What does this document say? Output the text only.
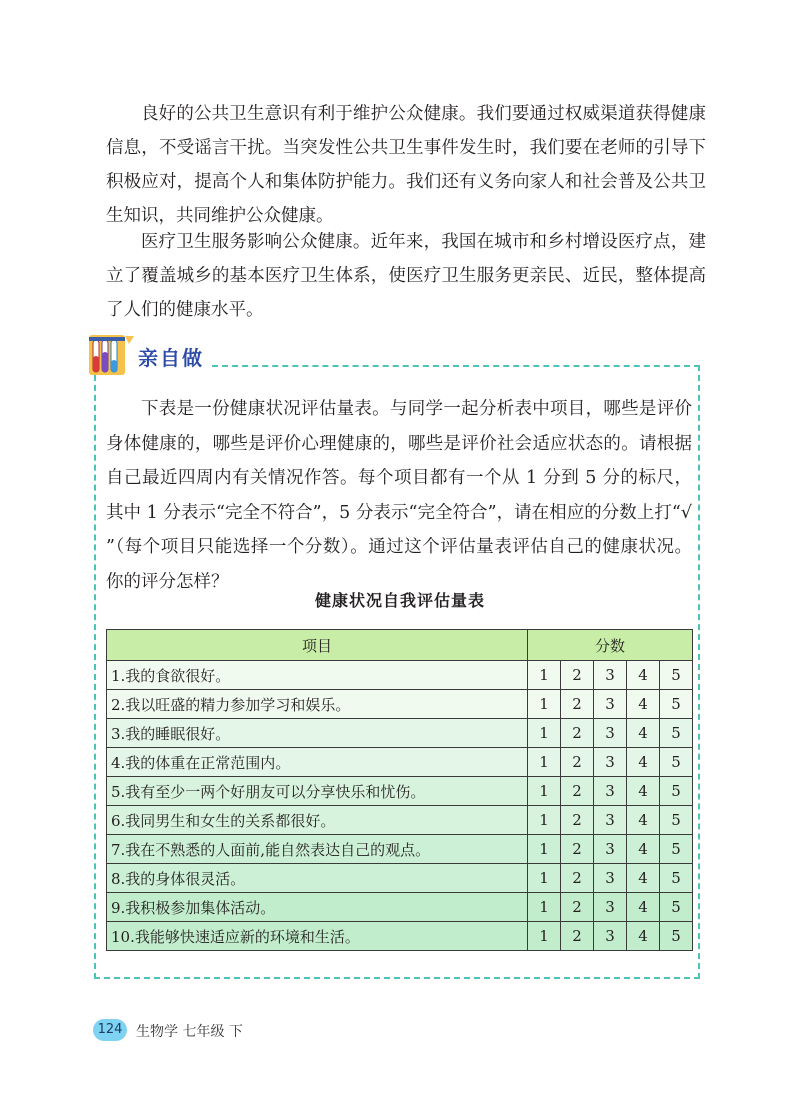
良好的公共卫生意识有利于维护公众健康。我们要通过权威渠道获得健康信息，不受谣言干扰。当突发性公共卫生事件发生时，我们要在老师的引导下积极应对，提高个人和集体防护能力。我们还有义务向家人和社会普及公共卫生知识，共同维护公众健康。

医疗卫生服务影响公众健康。近年来，我国在城市和乡村增设医疗点，建立了覆盖城乡的基本医疗卫生体系，使医疗卫生服务更亲民、近民，整体提高了人们的健康水平。

亲自做

下表是一份健康状况评估量表。与同学一起分析表中项目，哪些是评价身体健康的，哪些是评价心理健康的，哪些是评价社会适应状态的。请根据自己最近四周内有关情况作答。每个项目都有一个从 1 分到 5 分的标尺，其中 1 分表示“完全不符合”，5 分表示“完全符合”，请在相应的分数上打“√ ”（每个项目只能选择一个分数）。通过这个评估量表评估自己的健康状况。你的评分怎样？

健康状况自我评估量表
项目	分数				
1.我的食欲很好。	1	2	3	4	5
2.我以旺盛的精力参加学习和娱乐。	1	2	3	4	5
3.我的睡眠很好。	1	2	3	4	5
4.我的体重在正常范围内。	1	2	3	4	5
5.我有至少一两个好朋友可以分享快乐和忧伤。	1	2	3	4	5
6.我同男生和女生的关系都很好。	1	2	3	4	5
7.我在不熟悉的人面前,能自然表达自己的观点。	1	2	3	4	5
8.我的身体很灵活。	1	2	3	4	5
9.我积极参加集体活动。	1	2	3	4	5
10.我能够快速适应新的环境和生活。	1	2	3	4	5
124 生物学 七年级 下
